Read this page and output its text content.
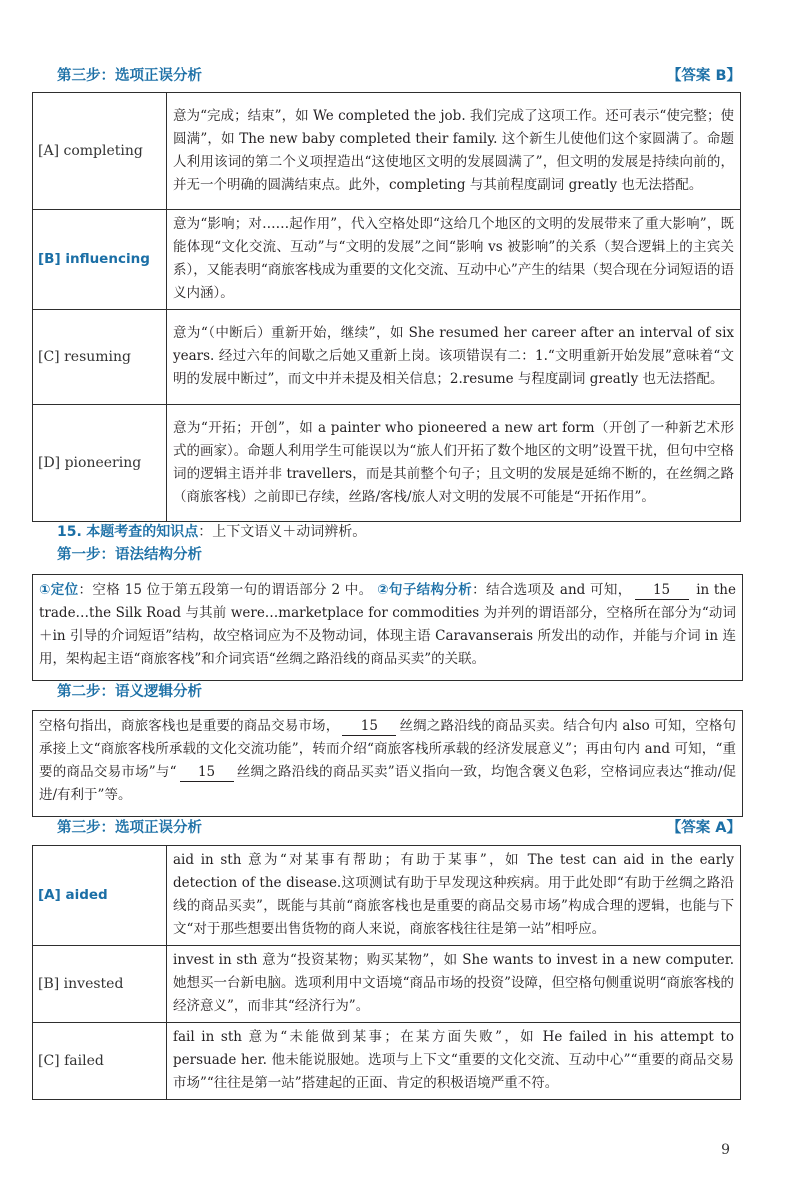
第三步：选项正误分析	【答案 B】
[A] completing	意为“完成；结束”，如 We completed the job. 我们完成了这项工作。还可表示“使完整；使圆满”，如 The new baby completed their family. 这个新生儿使他们这个家圆满了。命题人利用该词的第二个义项捏造出“这使地区文明的发展圆满了”，但文明的发展是持续向前的，并无一个明确的圆满结束点。此外，completing 与其前程度副词 greatly 也无法搭配。
[B] influencing	意为“影响；对……起作用”，代入空格处即“这给几个地区的文明的发展带来了重大影响”，既能体现“文化交流、互动”与“文明的发展”之间“影响 vs 被影响”的关系（契合逻辑上的主宾关系），又能表明“商旅客栈成为重要的文化交流、互动中心”产生的结果（契合现在分词短语的语义内涵）。
[C] resuming	意为“（中断后）重新开始，继续”，如 She resumed her career after an interval of six years. 经过六年的间歇之后她又重新上岗。该项错误有二：1.“文明重新开始发展”意味着“文明的发展中断过”，而文中并未提及相关信息；2.resume 与程度副词 greatly 也无法搭配。
[D] pioneering	意为“开拓；开创”，如 a painter who pioneered a new art form（开创了一种新艺术形式的画家）。命题人利用学生可能误以为“旅人们开拓了数个地区的文明”设置干扰，但句中空格词的逻辑主语并非 travellers，而是其前整个句子；且文明的发展是延绵不断的，在丝绸之路（商旅客栈）之前即已存续，丝路/客栈/旅人对文明的发展不可能是“开拓作用”。
15. 本题考查的知识点：上下文语义＋动词辨析。
第一步：语法结构分析
①定位：空格 15 位于第五段第一句的谓语部分 2 中。 ②句子结构分析：结合选项及 and 可知， 15 in the trade…the Silk Road 与其前 were…marketplace for commodities 为并列的谓语部分，空格所在部分为“动词＋in 引导的介词短语”结构，故空格词应为不及物动词，体现主语 Caravanserais 所发出的动作，并能与介词 in 连用，架构起主语“商旅客栈”和介词宾语“丝绸之路沿线的商品买卖”的关联。
第二步：语义逻辑分析
空格句指出，商旅客栈也是重要的商品交易市场， 15 丝绸之路沿线的商品买卖。结合句内 also 可知，空格句承接上文“商旅客栈所承载的文化交流功能”，转而介绍“商旅客栈所承载的经济发展意义”；再由句内 and 可知，“重要的商品交易市场”与“ 15 丝绸之路沿线的商品买卖”语义指向一致，均饱含褒义色彩，空格词应表达“推动/促进/有利于”等。
第三步：选项正误分析	【答案 A】
[A] aided	aid in sth 意为“对某事有帮助；有助于某事”，如 The test can aid in the early detection of the disease.这项测试有助于早发现这种疾病。用于此处即“有助于丝绸之路沿线的商品买卖”，既能与其前“商旅客栈也是重要的商品交易市场”构成合理的逻辑，也能与下文“对于那些想要出售货物的商人来说，商旅客栈往往是第一站”相呼应。
[B] invested	invest in sth 意为“投资某物；购买某物”，如 She wants to invest in a new computer. 她想买一台新电脑。选项利用中文语境“商品市场的投资”设障，但空格句侧重说明“商旅客栈的经济意义”，而非其“经济行为”。
[C] failed	fail in sth 意为“未能做到某事；在某方面失败”，如 He failed in his attempt to persuade her. 他未能说服她。选项与上下文“重要的文化交流、互动中心”“重要的商品交易市场”“往往是第一站”搭建起的正面、肯定的积极语境严重不符。
9
